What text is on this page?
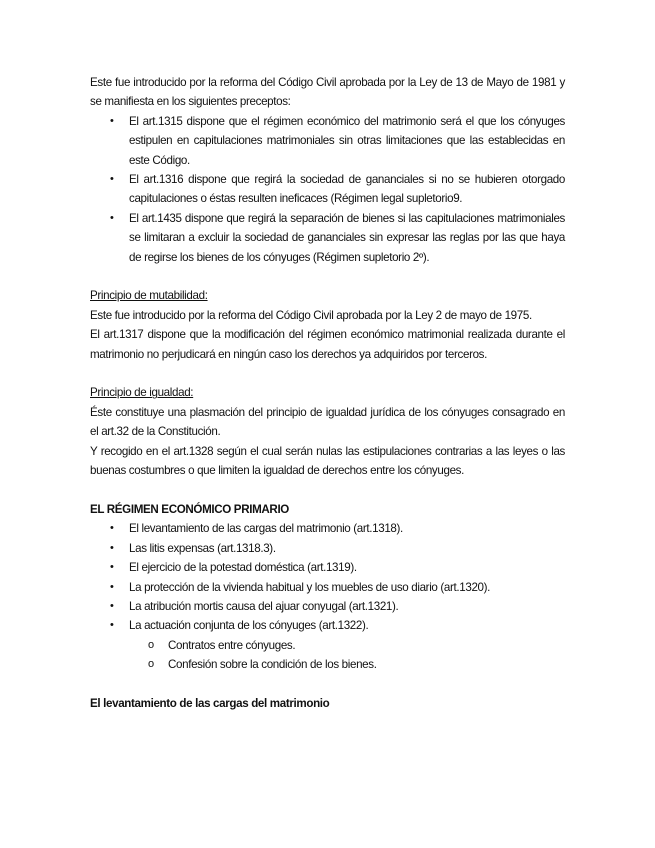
Este fue introducido por la reforma del Código Civil aprobada por la Ley de 13 de Mayo de 1981 y se manifiesta en los siguientes preceptos:

• El art.1315 dispone que el régimen económico del matrimonio será el que los cónyuges estipulen en capitulaciones matrimoniales sin otras limitaciones que las establecidas en este Código.
• El art.1316 dispone que regirá la sociedad de gananciales si no se hubieren otorgado capitulaciones o éstas resulten ineficaces (Régimen legal supletorio9.
• El art.1435 dispone que regirá la separación de bienes si las capitulaciones matrimoniales se limitaran a excluir la sociedad de gananciales sin expresar las reglas por las que haya de regirse los bienes de los cónyuges (Régimen supletorio 2º).

Principio de mutabilidad:

Este fue introducido por la reforma del Código Civil aprobada por la Ley 2 de mayo de 1975.

El art.1317 dispone que la modificación del régimen económico matrimonial realizada durante el matrimonio no perjudicará en ningún caso los derechos ya adquiridos por terceros.

Principio de igualdad:

Éste constituye una plasmación del principio de igualdad jurídica de los cónyuges consagrado en el art.32 de la Constitución.

Y recogido en el art.1328 según el cual serán nulas las estipulaciones contrarias a las leyes o las buenas costumbres o que limiten la igualdad de derechos entre los cónyuges.

EL RÉGIMEN ECONÓMICO PRIMARIO

• El levantamiento de las cargas del matrimonio (art.1318).
• Las litis expensas (art.1318.3).
• El ejercicio de la potestad doméstica (art.1319).
• La protección de la vivienda habitual y los muebles de uso diario (art.1320).
• La atribución mortis causa del ajuar conyugal (art.1321).
• La actuación conjunta de los cónyuges (art.1322).
o Contratos entre cónyuges.
o Confesión sobre la condición de los bienes.

El levantamiento de las cargas del matrimonio
